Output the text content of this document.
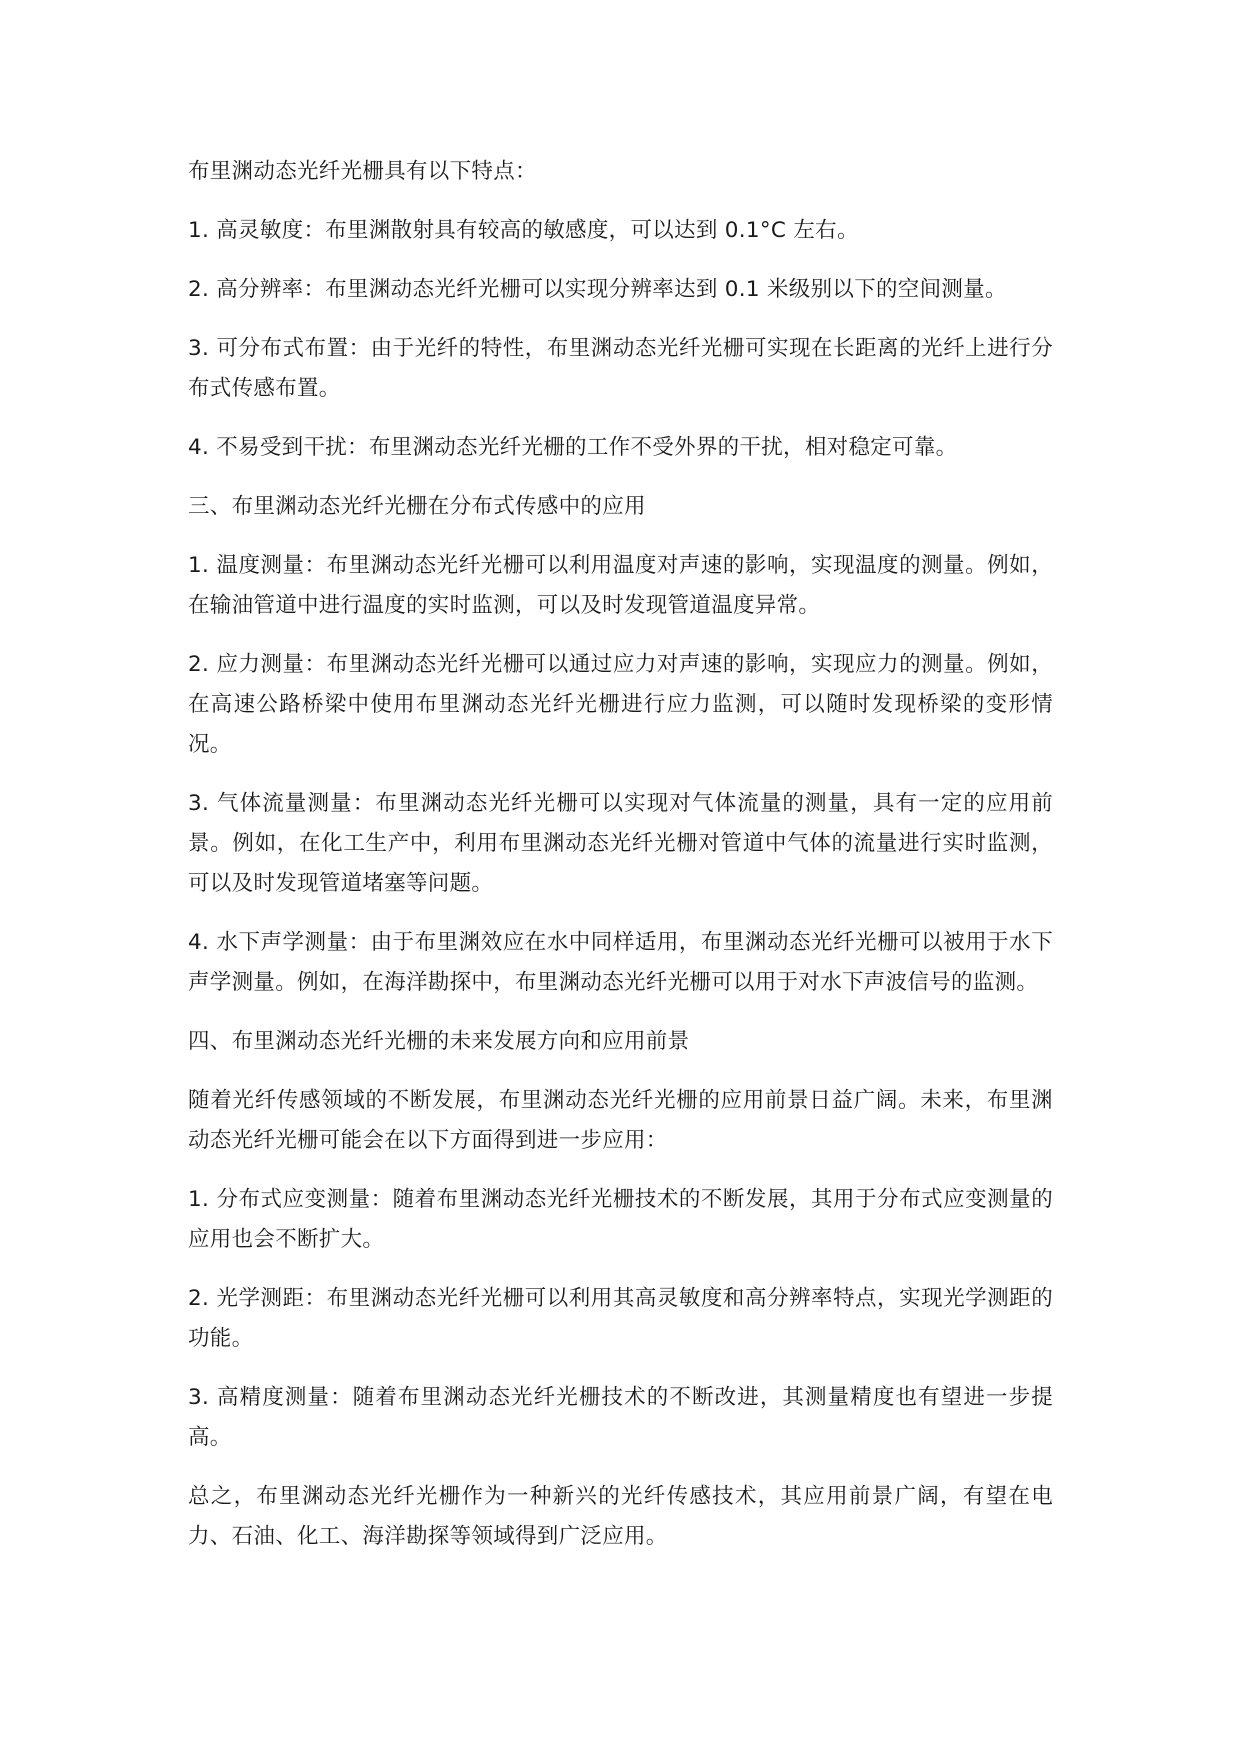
布里渊动态光纤光栅具有以下特点：

1. 高灵敏度：布里渊散射具有较高的敏感度，可以达到 0.1°C 左右。

2. 高分辨率：布里渊动态光纤光栅可以实现分辨率达到 0.1 米级别以下的空间测量。

3. 可分布式布置：由于光纤的特性，布里渊动态光纤光栅可实现在长距离的光纤上进行分布式传感布置。

4. 不易受到干扰：布里渊动态光纤光栅的工作不受外界的干扰，相对稳定可靠。

三、布里渊动态光纤光栅在分布式传感中的应用

1. 温度测量：布里渊动态光纤光栅可以利用温度对声速的影响，实现温度的测量。例如，在输油管道中进行温度的实时监测，可以及时发现管道温度异常。

2. 应力测量：布里渊动态光纤光栅可以通过应力对声速的影响，实现应力的测量。例如，在高速公路桥梁中使用布里渊动态光纤光栅进行应力监测，可以随时发现桥梁的变形情况。

3. 气体流量测量：布里渊动态光纤光栅可以实现对气体流量的测量，具有一定的应用前景。例如，在化工生产中，利用布里渊动态光纤光栅对管道中气体的流量进行实时监测，可以及时发现管道堵塞等问题。

4. 水下声学测量：由于布里渊效应在水中同样适用，布里渊动态光纤光栅可以被用于水下声学测量。例如，在海洋勘探中，布里渊动态光纤光栅可以用于对水下声波信号的监测。

四、布里渊动态光纤光栅的未来发展方向和应用前景

随着光纤传感领域的不断发展，布里渊动态光纤光栅的应用前景日益广阔。未来，布里渊动态光纤光栅可能会在以下方面得到进一步应用：

1. 分布式应变测量：随着布里渊动态光纤光栅技术的不断发展，其用于分布式应变测量的应用也会不断扩大。

2. 光学测距：布里渊动态光纤光栅可以利用其高灵敏度和高分辨率特点，实现光学测距的功能。

3. 高精度测量：随着布里渊动态光纤光栅技术的不断改进，其测量精度也有望进一步提高。

总之，布里渊动态光纤光栅作为一种新兴的光纤传感技术，其应用前景广阔，有望在电力、石油、化工、海洋勘探等领域得到广泛应用。
